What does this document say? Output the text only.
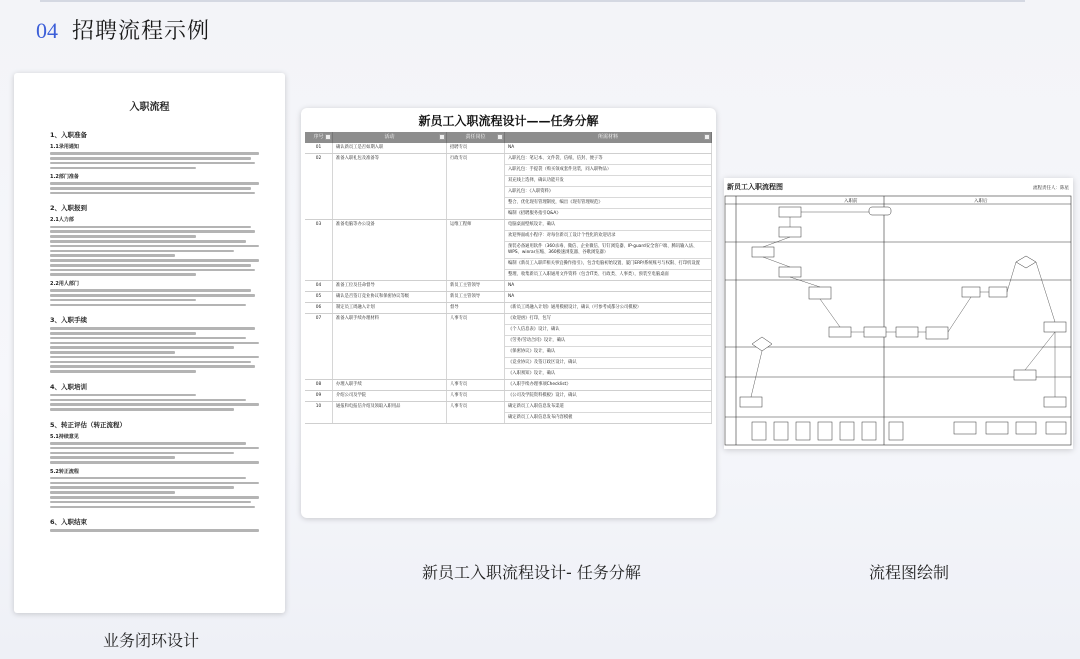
04 招聘流程示例
入职流程
1、入职准备
1.1录用通知
1.2部门准备
2、入职报到
2.1人力部
2.2用人部门
3、入职手续
4、入职培训
5、转正评估（转正流程）
5.1持续意见
5.2转正流程
6、入职结束
新员工入职流程设计——任务分解
序号	活动	责任岗位	所需材料
01	确认新员工是否如期入职	招聘专员	NA
02	准备入职礼包及准备等	行政专员	入职礼包：笔记本、文件袋、信纸、信封、便子等
入职礼包：手提袋（购买领成套件送装，同入职物品）
双充线上选择，确认功能开发
入职礼包：《入职资料》
整合、优化现有管理制度，编出《现有管理规范》
编制《招聘服务指引Q&A》
03	准备电脑等办公设备	运维工程师	电脑桌面壁纸设计，确认
欢迎界面或小程序：对每位新员工设计个性化的欢迎语录
预装必备通用软件（360杀毒、微信、企业微信、钉钉浏览器、IP-guard安全客户端、腾讯输入法、WPS、winrar压缩、360极速浏览器、谷歌浏览器）
编制《新员工入职IT相关事宜操作指引》，包含电脑初始设置、厦门ERP/系统账号与权限、打印机设置
整理、收集新员工入职通用文件资料（包含IT类、行政类、人事类），预装至电脑桌面
04	准备工位及任命督导	新员工主管领导	NA
05	确认是否签订竞业协议和保密协议等级	新员工主管领导	NA
06	制定员工周融入计划	督导	《新员工周融入计划》通用模板设计，确认（可参考成都分公司模板）
07	准备入职手续办理材料	人事专员	《欢迎函》打印，包写
《个人信息表》设计，确认
《劳务/劳动合同》设计，确认
《保密协议》设计，确认
《竞业协议》及签订政区设计，确认
《入职须知》设计，确认
08	办理入职手续	人事专员	《入职手续办理事项Checklist》
09	介绍公司及学院	人事专员	《公司及学院资料模板》设计，确认
10	通报和电报信介绍及领取入职用品	人事专员	确定新员工入职信息发布渠道
确定新员工入职信息发布内容模板
新员工入职流程图	流程责任人：陈星
入职前	入职后
业务闭环设计
新员工入职流程设计- 任务分解	流程图绘制
